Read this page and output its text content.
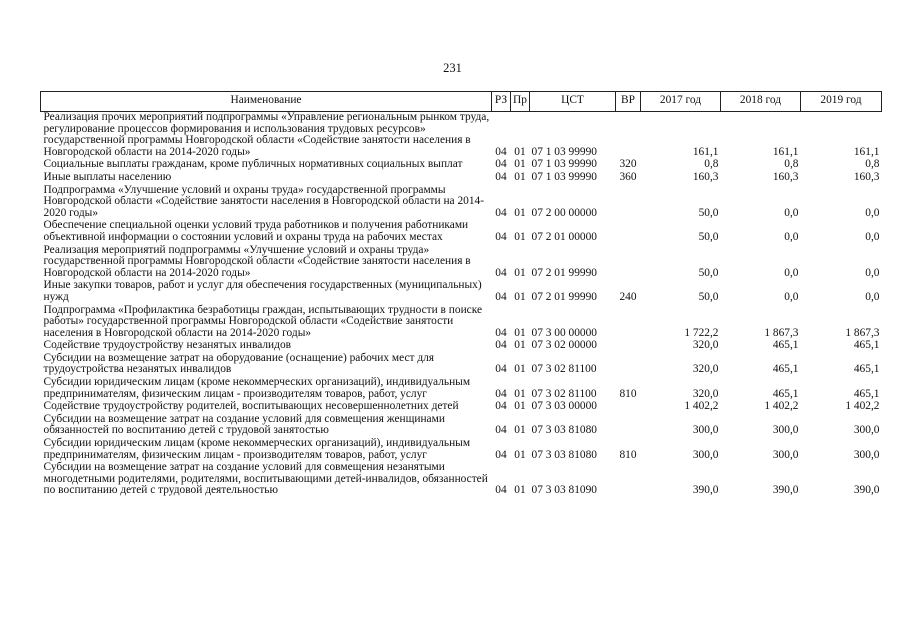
231
Наименование	РЗ	Пр	ЦСТ	ВР	2017 год	2018 год	2019 год
Реализация прочих мероприятий подпрограммы «Управление региональным рынком труда, регулирование процессов формирования и использования трудовых ресурсов» государственной программы Новгородской области «Содействие занятости населения в Новгородской области на 2014-2020 годы»	04	01	07 1 03 99990		161,1	161,1	161,1
Социальные выплаты гражданам, кроме публичных нормативных социальных выплат	04	01	07 1 03 99990	320	0,8	0,8	0,8
Иные выплаты населению	04	01	07 1 03 99990	360	160,3	160,3	160,3
Подпрограмма «Улучшение условий и охраны труда» государственной программы Новгородской области «Содействие занятости населения в Новгородской области на 2014-2020 годы»	04	01	07 2 00 00000		50,0	0,0	0,0
Обеспечение специальной оценки условий труда работников и получения работниками объективной информации о состоянии условий и охраны труда на рабочих местах	04	01	07 2 01 00000		50,0	0,0	0,0
Реализация мероприятий подпрограммы «Улучшение условий и охраны труда» государственной программы Новгородской области «Содействие занятости населения в Новгородской области на 2014-2020 годы»	04	01	07 2 01 99990		50,0	0,0	0,0
Иные закупки товаров, работ и услуг для обеспечения государственных (муниципальных) нужд	04	01	07 2 01 99990	240	50,0	0,0	0,0
Подпрограмма «Профилактика безработицы граждан, испытывающих трудности в поиске работы» государственной программы Новгородской области «Содействие занятости населения в Новгородской области на 2014-2020 годы»	04	01	07 3 00 00000		1 722,2	1 867,3	1 867,3
Содействие трудоустройству незанятых инвалидов	04	01	07 3 02 00000		320,0	465,1	465,1
Субсидии на возмещение затрат на оборудование (оснащение) рабочих мест для трудоустройства незанятых инвалидов	04	01	07 3 02 81100		320,0	465,1	465,1
Субсидии юридическим лицам (кроме некоммерческих организаций), индивидуальным предпринимателям, физическим лицам - производителям товаров, работ, услуг	04	01	07 3 02 81100	810	320,0	465,1	465,1
Содействие трудоустройству родителей, воспитывающих несовершеннолетних детей	04	01	07 3 03 00000		1 402,2	1 402,2	1 402,2
Субсидии на возмещение затрат на создание условий для совмещения женщинами обязанностей по воспитанию детей с трудовой занятостью	04	01	07 3 03 81080		300,0	300,0	300,0
Субсидии юридическим лицам (кроме некоммерческих организаций), индивидуальным предпринимателям, физическим лицам - производителям товаров, работ, услуг	04	01	07 3 03 81080	810	300,0	300,0	300,0
Субсидии на возмещение затрат на создание условий для совмещения незанятыми многодетными родителями, родителями, воспитывающими детей-инвалидов, обязанностей по воспитанию детей с трудовой деятельностью	04	01	07 3 03 81090		390,0	390,0	390,0
